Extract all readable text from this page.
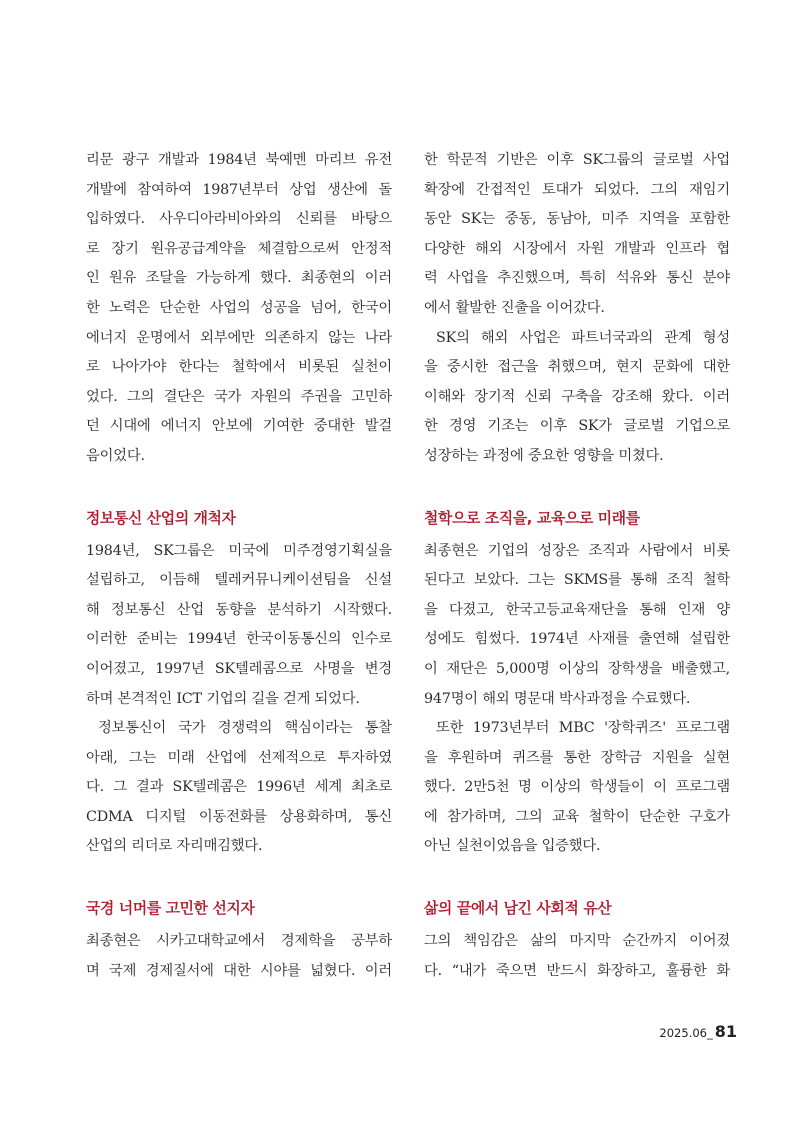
리문 광구 개발과 1984년 북예멘 마리브 유전

개발에 참여하여 1987년부터 상업 생산에 돌

입하였다. 사우디아라비아와의 신뢰를 바탕으

로 장기 원유공급계약을 체결함으로써 안정적

인 원유 조달을 가능하게 했다. 최종현의 이러

한 노력은 단순한 사업의 성공을 넘어, 한국이

에너지 운명에서 외부에만 의존하지 않는 나라

로 나아가야 한다는 철학에서 비롯된 실천이

었다. 그의 결단은 국가 자원의 주권을 고민하

던 시대에 에너지 안보에 기여한 중대한 발걸

음이었다.

정보통신 산업의 개척자

1984년, SK그룹은 미국에 미주경영기획실을

설립하고, 이듬해 텔레커뮤니케이션팀을 신설

해 정보통신 산업 동향을 분석하기 시작했다.

이러한 준비는 1994년 한국이동통신의 인수로

이어졌고, 1997년 SK텔레콤으로 사명을 변경

하며 본격적인 ICT 기업의 길을 걷게 되었다.

정보통신이 국가 경쟁력의 핵심이라는 통찰

아래, 그는 미래 산업에 선제적으로 투자하였

다. 그 결과 SK텔레콤은 1996년 세계 최초로

CDMA 디지털 이동전화를 상용화하며, 통신

산업의 리더로 자리매김했다.

국경 너머를 고민한 선지자

최종현은 시카고대학교에서 경제학을 공부하

며 국제 경제질서에 대한 시야를 넓혔다. 이러

한 학문적 기반은 이후 SK그룹의 글로벌 사업

확장에 간접적인 토대가 되었다. 그의 재임기

동안 SK는 중동, 동남아, 미주 지역을 포함한

다양한 해외 시장에서 자원 개발과 인프라 협

력 사업을 추진했으며, 특히 석유와 통신 분야

에서 활발한 진출을 이어갔다.

SK의 해외 사업은 파트너국과의 관계 형성

을 중시한 접근을 취했으며, 현지 문화에 대한

이해와 장기적 신뢰 구축을 강조해 왔다. 이러

한 경영 기조는 이후 SK가 글로벌 기업으로

성장하는 과정에 중요한 영향을 미쳤다.

철학으로 조직을, 교육으로 미래를

최종현은 기업의 성장은 조직과 사람에서 비롯

된다고 보았다. 그는 SKMS를 통해 조직 철학

을 다졌고, 한국고등교육재단을 통해 인재 양

성에도 힘썼다. 1974년 사재를 출연해 설립한

이 재단은 5,000명 이상의 장학생을 배출했고,

947명이 해외 명문대 박사과정을 수료했다.

또한 1973년부터 MBC '장학퀴즈' 프로그램

을 후원하며 퀴즈를 통한 장학금 지원을 실현

했다. 2만5천 명 이상의 학생들이 이 프로그램

에 참가하며, 그의 교육 철학이 단순한 구호가

아닌 실천이었음을 입증했다.

삶의 끝에서 남긴 사회적 유산

그의 책임감은 삶의 마지막 순간까지 이어졌

다. “내가 죽으면 반드시 화장하고, 훌륭한 화

2025.06_ 81
